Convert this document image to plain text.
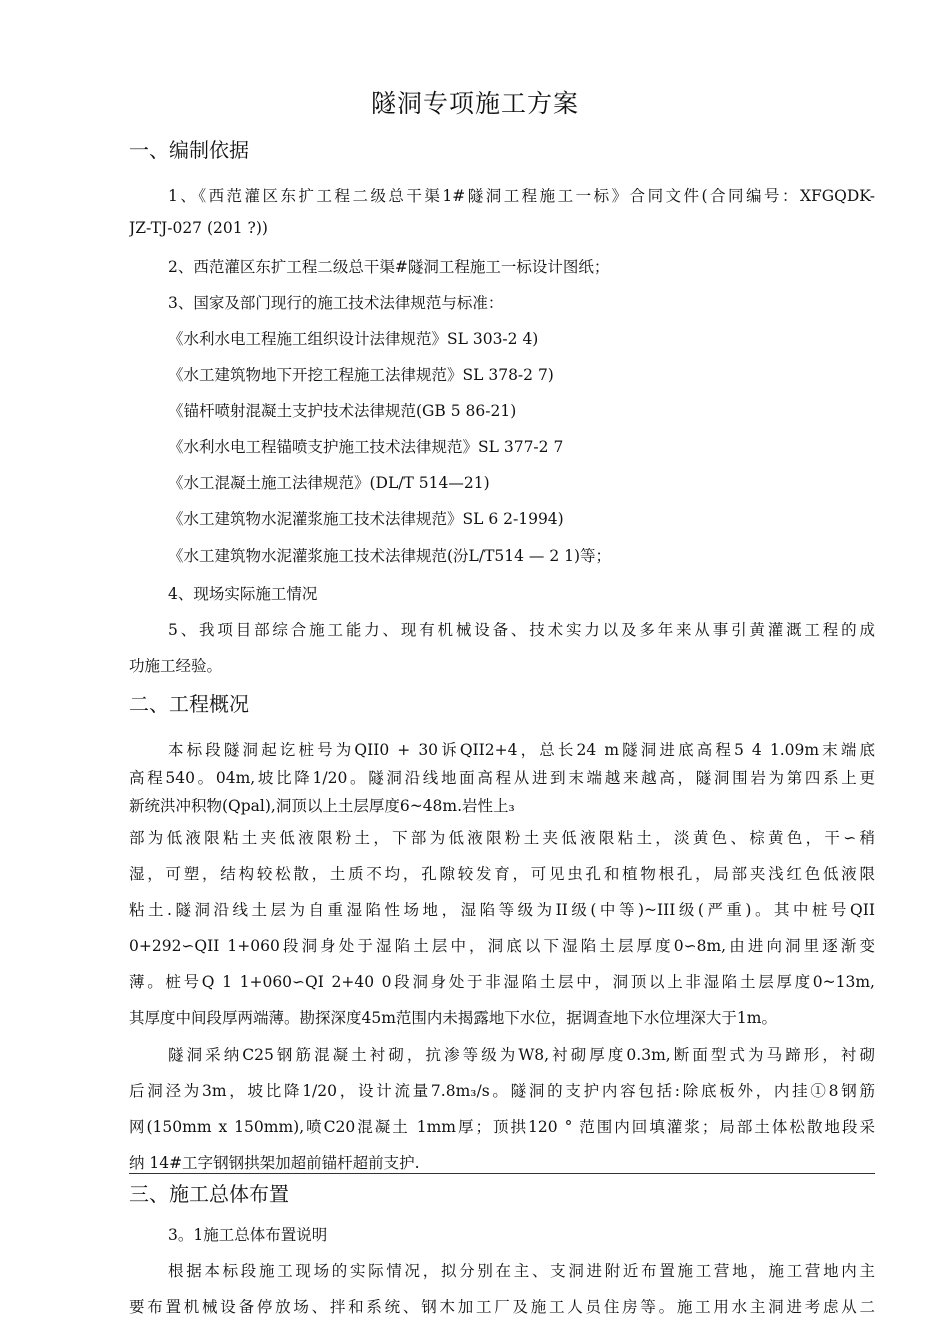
隧洞专项施工方案
一、编制依据
1、《西范灌区东扩工程二级总干渠1#隧洞工程施工一标》合同文件(合同编号：XFGQDK-
JZ-TJ-027 (201 ?))
2、西范灌区东扩工程二级总干渠#隧洞工程施工一标设计图纸；
3、国家及部门现行的施工技术法律规范与标准：
《水利水电工程施工组织设计法律规范》SL 303-2 4)
《水工建筑物地下开挖工程施工法律规范》SL 378-2 7)
《锚杆喷射混凝土支护技术法律规范(GB 5 86-21)
《水利水电工程锚喷支护施工技术法律规范》SL 377-2 7
《水工混凝土施工法律规范》(DL/T 514—21)
《水工建筑物水泥灌浆施工技术法律规范》SL 6 2-1994)
《水工建筑物水泥灌浆施工技术法律规范(汾L/T514 — 2 1)等；
4、现场实际施工情况
5、我项目部综合施工能力、现有机械设备、技术实力以及多年来从事引黄灌溉工程的成
功施工经验。
二、工程概况
本标段隧洞起讫桩号为QII0 + 30诉QII2+4，总长24 m隧洞进底高程5 4 1.09m末端底
高程540。04m,坡比降1/20。隧洞沿线地面高程从进到末端越来越高，隧洞围岩为第四系上更
新统洪冲积物(Qpal),洞顶以上土层厚度6~48m.岩性上₃
部为低液限粘土夹低液限粉土，下部为低液限粉土夹低液限粘土，淡黄色、棕黄色，干∽稍
湿，可塑，结构较松散，土质不均，孔隙较发育，可见虫孔和植物根孔，局部夹浅红色低液限
粘土.隧洞沿线土层为自重湿陷性场地，湿陷等级为II级(中等)~III级(严重)。其中桩号QII
0+292∽QII 1+060段洞身处于湿陷土层中，洞底以下湿陷土层厚度0∽8m,由进向洞里逐渐变
薄。桩号Q 1 1+060∽QI 2+40 0段洞身处于非湿陷土层中，洞顶以上非湿陷土层厚度0~13m,
其厚度中间段厚两端薄。勘探深度45m范围内未揭露地下水位，据调查地下水位埋深大于1m。
隧洞采纳C25钢筋混凝土衬砌，抗渗等级为W8,衬砌厚度0.3m,断面型式为马蹄形，衬砌
后洞泾为3m，坡比降1/20，设计流量7.8m₃/s。隧洞的支护内容包括:除底板外，内挂①8钢筋
网(150mm x 150mm),喷C20混凝土 1mm厚；顶拱120 ° 范围内回填灌浆；局部土体松散地段采
纳 14#工字钢钢拱架加超前锚杆超前支护.
三、施工总体布置
3。1施工总体布置说明
根据本标段施工现场的实际情况，拟分别在主、支洞进附近布置施工营地，施工营地内主
要布置机械设备停放场、拌和系统、钢木加工厂及施工人员住房等。施工用水主洞进考虑从二
